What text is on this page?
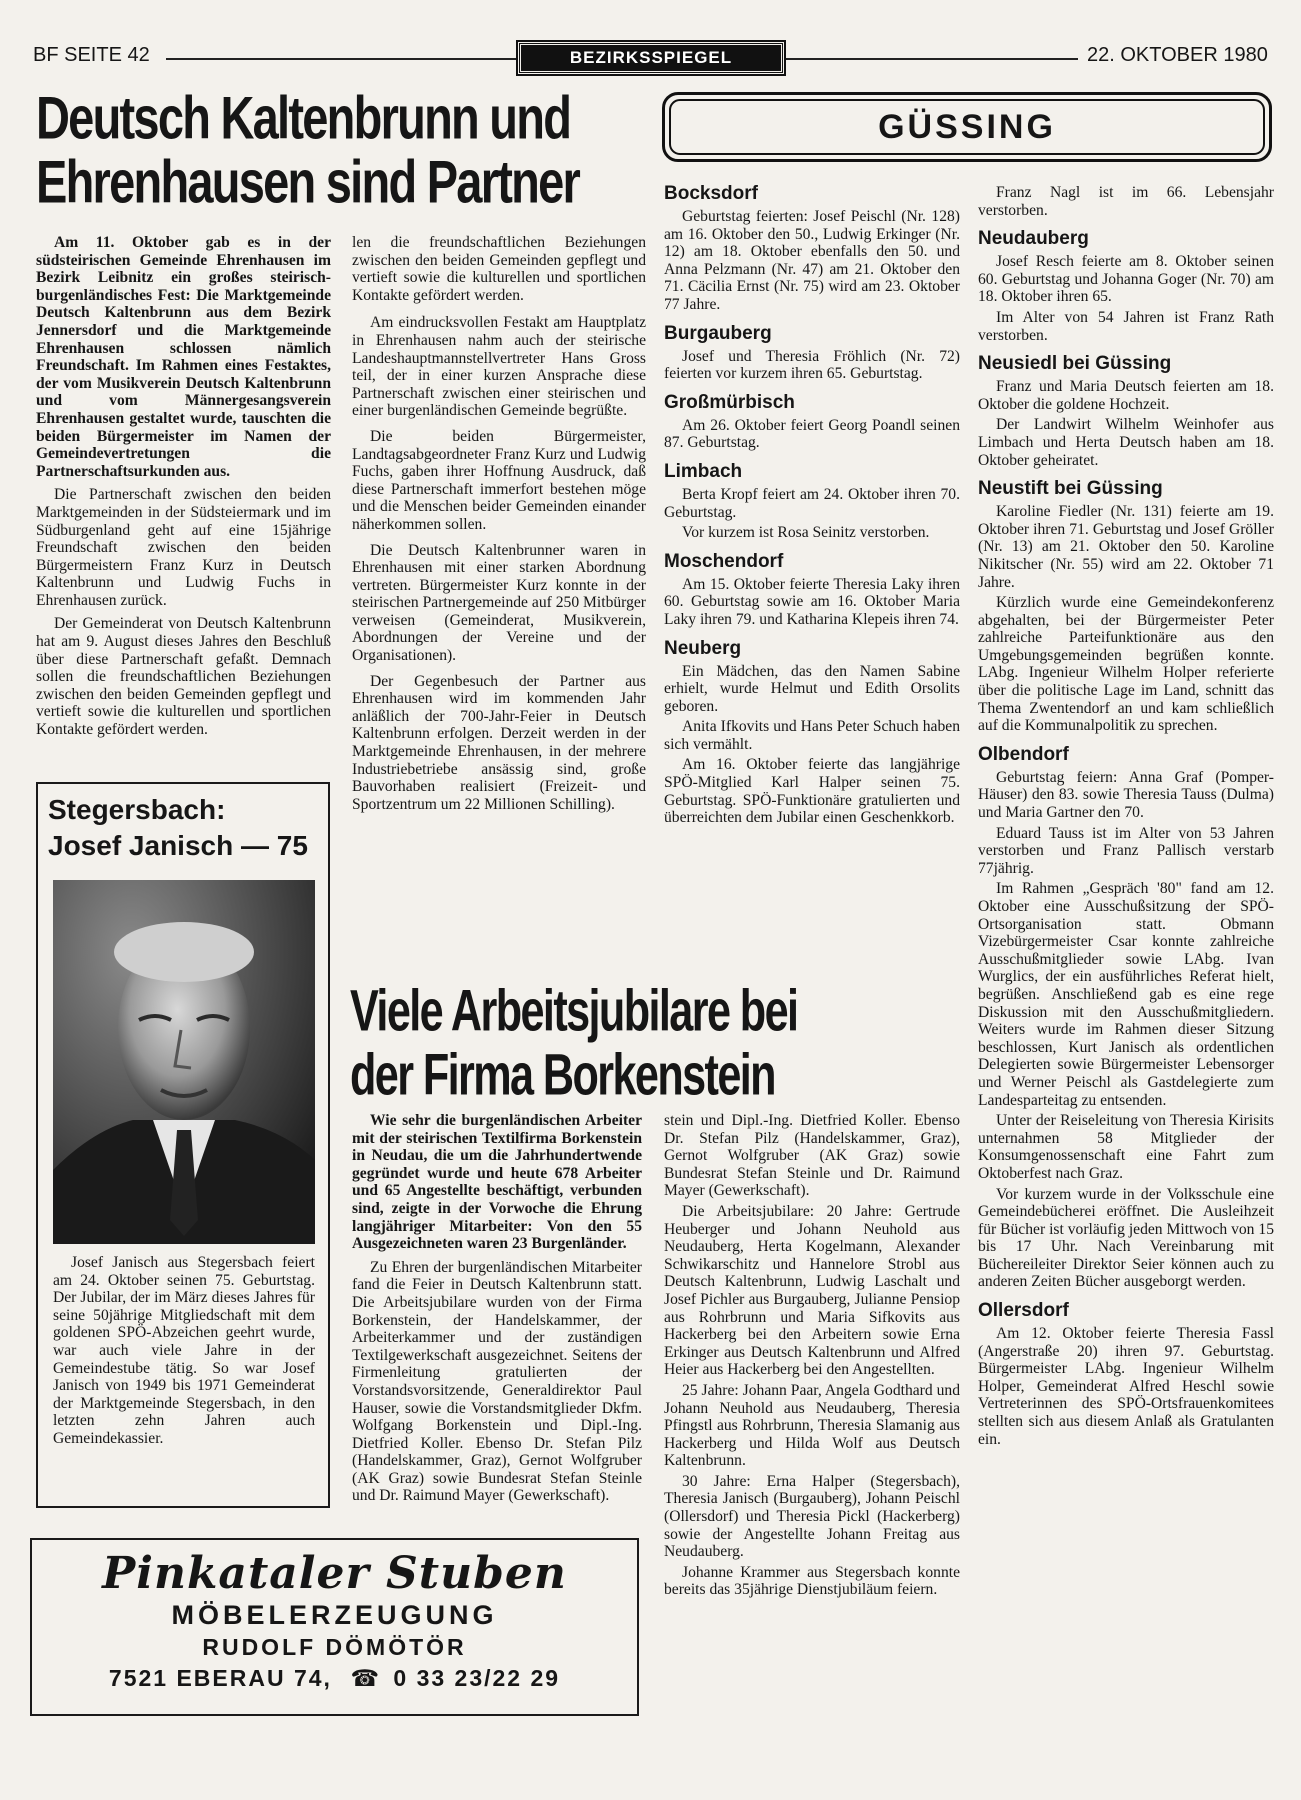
BF SEITE 42	BEZIRKSSPIEGEL	22. OKTOBER 1980
Deutsch Kaltenbrunn und
Ehrenhausen sind Partner

Am 11. Oktober gab es in der südsteirischen Gemeinde Ehrenhausen im Bezirk Leibnitz ein großes steirisch-burgenländisches Fest: Die Marktgemeinde Deutsch Kaltenbrunn aus dem Bezirk Jennersdorf und die Marktgemeinde Ehrenhausen schlossen nämlich Freundschaft. Im Rahmen eines Festaktes, der vom Musikverein Deutsch Kaltenbrunn und vom Männergesangsverein Ehrenhausen gestaltet wurde, tauschten die beiden Bürgermeister im Namen der Gemeindevertretungen die Partnerschaftsurkunden aus.

Die Partnerschaft zwischen den beiden Marktgemeinden in der Südsteiermark und im Südburgenland geht auf eine 15jährige Freundschaft zwischen den beiden Bürgermeistern Franz Kurz in Deutsch Kaltenbrunn und Ludwig Fuchs in Ehrenhausen zurück.

Der Gemeinderat von Deutsch Kaltenbrunn hat am 9. August dieses Jahres den Beschluß über diese Partnerschaft gefaßt. Demnach sollen die freundschaftlichen Beziehungen zwischen den beiden Gemeinden gepflegt und vertieft sowie die kulturellen und sportlichen Kontakte gefördert werden.

len die freundschaftlichen Beziehungen zwischen den beiden Gemeinden gepflegt und vertieft sowie die kulturellen und sportlichen Kontakte gefördert werden.

Am eindrucksvollen Festakt am Hauptplatz in Ehrenhausen nahm auch der steirische Landeshauptmannstellvertreter Hans Gross teil, der in einer kurzen Ansprache diese Partnerschaft zwischen einer steirischen und einer burgenländischen Gemeinde begrüßte.

Die beiden Bürgermeister, Landtagsabgeordneter Franz Kurz und Ludwig Fuchs, gaben ihrer Hoffnung Ausdruck, daß diese Partnerschaft immerfort bestehen möge und die Menschen beider Gemeinden einander näherkommen sollen.

Die Deutsch Kaltenbrunner waren in Ehrenhausen mit einer starken Abordnung vertreten. Bürgermeister Kurz konnte in der steirischen Partnergemeinde auf 250 Mitbürger verweisen (Gemeinderat, Musikverein, Abordnungen der Vereine und der Organisationen).

Der Gegenbesuch der Partner aus Ehrenhausen wird im kommenden Jahr anläßlich der 700-Jahr-Feier in Deutsch Kaltenbrunn erfolgen. Derzeit werden in der Marktgemeinde Ehrenhausen, in der mehrere Industriebetriebe ansässig sind, große Bauvorhaben realisiert (Freizeit- und Sportzentrum um 22 Millionen Schilling).

Stegersbach:
Josef Janisch — 75

Josef Janisch aus Stegersbach feiert am 24. Oktober seinen 75. Geburtstag. Der Jubilar, der im März dieses Jahres für seine 50jährige Mitgliedschaft mit dem goldenen SPÖ-Abzeichen geehrt wurde, war auch viele Jahre in der Gemeindestube tätig. So war Josef Janisch von 1949 bis 1971 Gemeinderat der Marktgemeinde Stegersbach, in den letzten zehn Jahren auch Gemeindekassier.

Pinkataler Stuben
MÖBELERZEUGUNG
RUDOLF DÖMÖTÖR
7521 EBERAU 74, ☎ 0 33 23/22 29
Viele Arbeitsjubilare bei
der Firma Borkenstein

Wie sehr die burgenländischen Arbeiter mit der steirischen Textilfirma Borkenstein in Neudau, die um die Jahrhundertwende gegründet wurde und heute 678 Arbeiter und 65 Angestellte beschäftigt, verbunden sind, zeigte in der Vorwoche die Ehrung langjähriger Mitarbeiter: Von den 55 Ausgezeichneten waren 23 Burgenländer.

Zu Ehren der burgenländischen Mitarbeiter fand die Feier in Deutsch Kaltenbrunn statt. Die Arbeitsjubilare wurden von der Firma Borkenstein, der Handelskammer, der Arbeiterkammer und der zuständigen Textilgewerkschaft ausgezeichnet. Seitens der Firmenleitung gratulierten der Vorstandsvorsitzende, Generaldirektor Paul Hauser, sowie die Vorstandsmitglieder Dkfm. Wolfgang Borkenstein und Dipl.-Ing. Dietfried Koller. Ebenso Dr. Stefan Pilz (Handelskammer, Graz), Gernot Wolfgruber (AK Graz) sowie Bundesrat Stefan Steinle und Dr. Raimund Mayer (Gewerkschaft).

stein und Dipl.-Ing. Dietfried Koller. Ebenso Dr. Stefan Pilz (Handelskammer, Graz), Gernot Wolfgruber (AK Graz) sowie Bundesrat Stefan Steinle und Dr. Raimund Mayer (Gewerkschaft).

Die Arbeitsjubilare: 20 Jahre: Gertrude Heuberger und Johann Neuhold aus Neudauberg, Herta Kogelmann, Alexander Schwikarschitz und Hannelore Strobl aus Deutsch Kaltenbrunn, Ludwig Laschalt und Josef Pichler aus Burgauberg, Julianne Pensiop aus Rohrbrunn und Maria Sifkovits aus Hackerberg bei den Arbeitern sowie Erna Erkinger aus Deutsch Kaltenbrunn und Alfred Heier aus Hackerberg bei den Angestellten.

25 Jahre: Johann Paar, Angela Godthard und Johann Neuhold aus Neudauberg, Theresia Pfingstl aus Rohrbrunn, Theresia Slamanig aus Hackerberg und Hilda Wolf aus Deutsch Kaltenbrunn.

30 Jahre: Erna Halper (Stegersbach), Theresia Janisch (Burgauberg), Johann Peischl (Ollersdorf) und Theresia Pickl (Hackerberg) sowie der Angestellte Johann Freitag aus Neudauberg.

Johanne Krammer aus Stegersbach konnte bereits das 35jährige Dienstjubiläum feiern.

GÜSSING
Bocksdorf

Geburtstag feierten: Josef Peischl (Nr. 128) am 16. Oktober den 50., Ludwig Erkinger (Nr. 12) am 18. Oktober ebenfalls den 50. und Anna Pelzmann (Nr. 47) am 21. Oktober den 71. Cäcilia Ernst (Nr. 75) wird am 23. Oktober 77 Jahre.

Burgauberg

Josef und Theresia Fröhlich (Nr. 72) feierten vor kurzem ihren 65. Geburtstag.

Großmürbisch

Am 26. Oktober feiert Georg Poandl seinen 87. Geburtstag.

Limbach

Berta Kropf feiert am 24. Oktober ihren 70. Geburtstag.

Vor kurzem ist Rosa Seinitz verstorben.

Moschendorf

Am 15. Oktober feierte Theresia Laky ihren 60. Geburtstag sowie am 16. Oktober Maria Laky ihren 79. und Katharina Klepeis ihren 74.

Neuberg

Ein Mädchen, das den Namen Sabine erhielt, wurde Helmut und Edith Orsolits geboren.

Anita Ifkovits und Hans Peter Schuch haben sich vermählt.

Am 16. Oktober feierte das langjährige SPÖ-Mitglied Karl Halper seinen 75. Geburtstag. SPÖ-Funktionäre gratulierten und überreichten dem Jubilar einen Geschenkkorb.

Franz Nagl ist im 66. Lebensjahr verstorben.

Neudauberg

Josef Resch feierte am 8. Oktober seinen 60. Geburtstag und Johanna Goger (Nr. 70) am 18. Oktober ihren 65.

Im Alter von 54 Jahren ist Franz Rath verstorben.

Neusiedl bei Güssing

Franz und Maria Deutsch feierten am 18. Oktober die goldene Hochzeit.

Der Landwirt Wilhelm Weinhofer aus Limbach und Herta Deutsch haben am 18. Oktober geheiratet.

Neustift bei Güssing

Karoline Fiedler (Nr. 131) feierte am 19. Oktober ihren 71. Geburtstag und Josef Gröller (Nr. 13) am 21. Oktober den 50. Karoline Nikitscher (Nr. 55) wird am 22. Oktober 71 Jahre.

Kürzlich wurde eine Gemeindekonferenz abgehalten, bei der Bürgermeister Peter zahlreiche Parteifunktionäre aus den Umgebungsgemeinden begrüßen konnte. LAbg. Ingenieur Wilhelm Holper referierte über die politische Lage im Land, schnitt das Thema Zwentendorf an und kam schließlich auf die Kommunalpolitik zu sprechen.

Olbendorf

Geburtstag feiern: Anna Graf (Pomper-Häuser) den 83. sowie Theresia Tauss (Dulma) und Maria Gartner den 70.

Eduard Tauss ist im Alter von 53 Jahren verstorben und Franz Pallisch verstarb 77jährig.

Im Rahmen „Gespräch '80" fand am 12. Oktober eine Ausschußsitzung der SPÖ-Ortsorganisation statt. Obmann Vizebürgermeister Csar konnte zahlreiche Ausschußmitglieder sowie LAbg. Ivan Wurglics, der ein ausführliches Referat hielt, begrüßen. Anschließend gab es eine rege Diskussion mit den Ausschußmitgliedern. Weiters wurde im Rahmen dieser Sitzung beschlossen, Kurt Janisch als ordentlichen Delegierten sowie Bürgermeister Lebensorger und Werner Peischl als Gastdelegierte zum Landesparteitag zu entsenden.

Unter der Reiseleitung von Theresia Kirisits unternahmen 58 Mitglieder der Konsumgenossenschaft eine Fahrt zum Oktoberfest nach Graz.

Vor kurzem wurde in der Volksschule eine Gemeindebücherei eröffnet. Die Ausleihzeit für Bücher ist vorläufig jeden Mittwoch von 15 bis 17 Uhr. Nach Vereinbarung mit Büchereileiter Direktor Seier können auch zu anderen Zeiten Bücher ausgeborgt werden.

Ollersdorf

Am 12. Oktober feierte Theresia Fassl (Angerstraße 20) ihren 97. Geburtstag. Bürgermeister LAbg. Ingenieur Wilhelm Holper, Gemeinderat Alfred Heschl sowie Vertreterinnen des SPÖ-Ortsfrauenkomitees stellten sich aus diesem Anlaß als Gratulanten ein.
